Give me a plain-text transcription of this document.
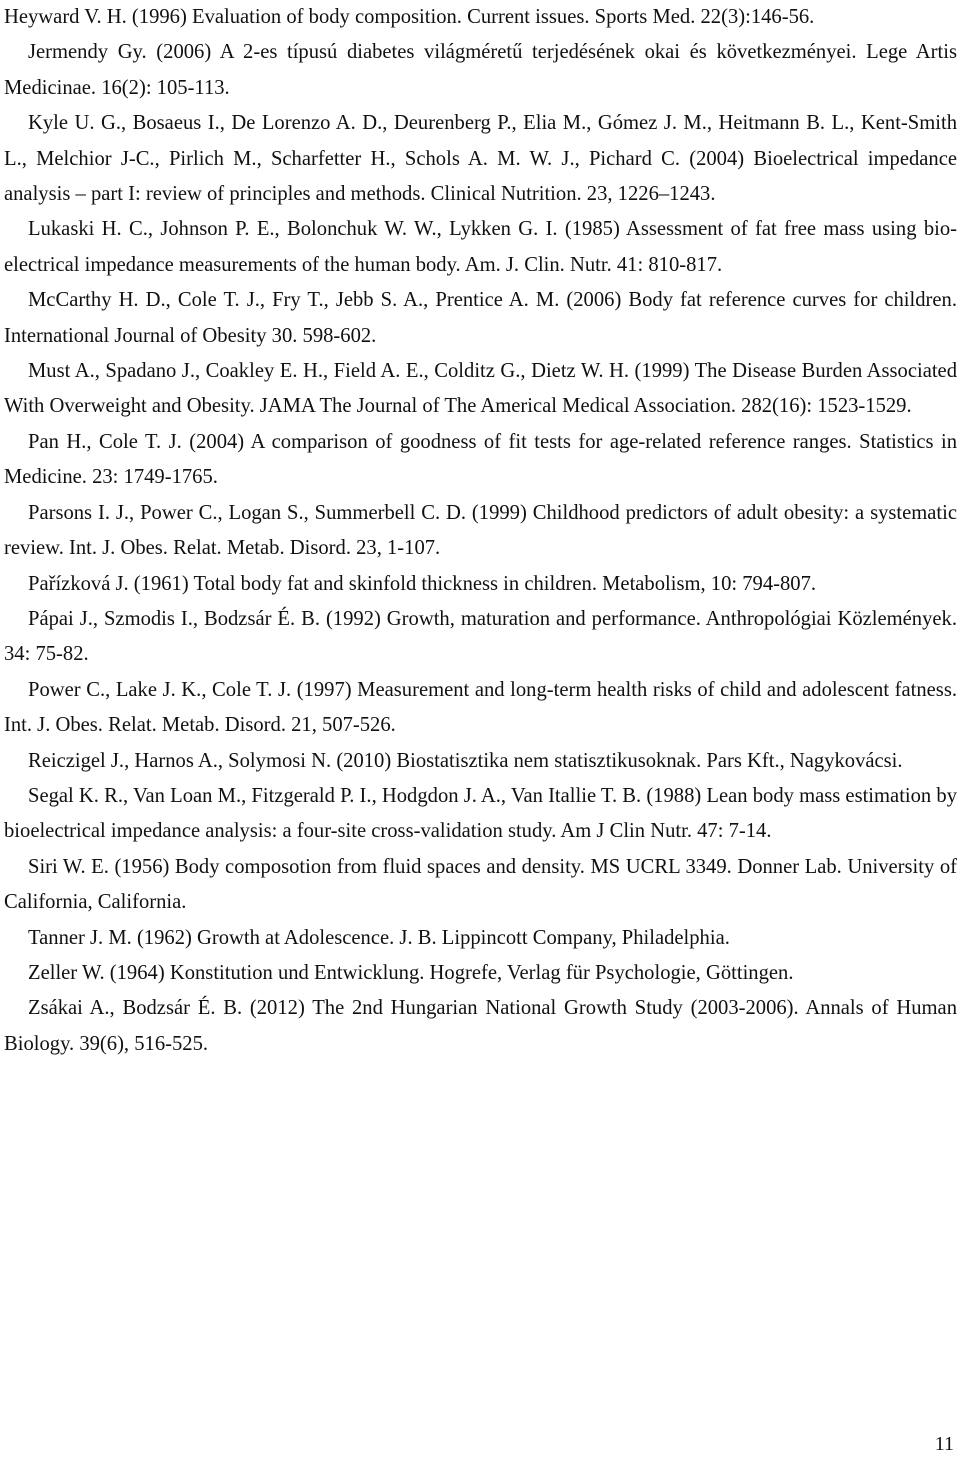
Heyward V. H. (1996) Evaluation of body composition. Current issues. Sports Med. 22(3):146-56.

Jermendy Gy. (2006) A 2-es típusú diabetes világméretű terjedésének okai és következményei. Lege Artis Medicinae. 16(2): 105-113.

Kyle U. G., Bosaeus I., De Lorenzo A. D., Deurenberg P., Elia M., Gómez J. M., Heitmann B. L., Kent-Smith L., Melchior J-C., Pirlich M., Scharfetter H., Schols A. M. W. J., Pichard C. (2004) Bioelectrical impedance analysis – part I: review of principles and methods. Clinical Nutrition. 23, 1226–1243.

Lukaski H. C., Johnson P. E., Bolonchuk W. W., Lykken G. I. (1985) Assessment of fat free mass using bio-electrical impedance measurements of the human body. Am. J. Clin. Nutr. 41: 810-817.

McCarthy H. D., Cole T. J., Fry T., Jebb S. A., Prentice A. M. (2006) Body fat reference curves for children. International Journal of Obesity 30. 598-602.

Must A., Spadano J., Coakley E. H., Field A. E., Colditz G., Dietz W. H. (1999) The Disease Burden Associated With Overweight and Obesity. JAMA The Journal of The Americal Medical Association. 282(16): 1523-1529.

Pan H., Cole T. J. (2004) A comparison of goodness of fit tests for age-related reference ranges. Statistics in Medicine. 23: 1749-1765.

Parsons I. J., Power C., Logan S., Summerbell C. D. (1999) Childhood predictors of adult obesity: a systematic review. Int. J. Obes. Relat. Metab. Disord. 23, 1-107.

Pařízková J. (1961) Total body fat and skinfold thickness in children. Metabolism, 10: 794-807.

Pápai J., Szmodis I., Bodzsár É. B. (1992) Growth, maturation and performance. Anthropológiai Közlemények. 34: 75-82.

Power C., Lake J. K., Cole T. J. (1997) Measurement and long-term health risks of child and adolescent fatness. Int. J. Obes. Relat. Metab. Disord. 21, 507-526.

Reiczigel J., Harnos A., Solymosi N. (2010) Biostatisztika nem statisztikusoknak. Pars Kft., Nagykovácsi.

Segal K. R., Van Loan M., Fitzgerald P. I., Hodgdon J. A., Van Itallie T. B. (1988) Lean body mass estimation by bioelectrical impedance analysis: a four-site cross-validation study. Am J Clin Nutr. 47: 7-14.

Siri W. E. (1956) Body composotion from fluid spaces and density. MS UCRL 3349. Donner Lab. University of California, California.

Tanner J. M. (1962) Growth at Adolescence. J. B. Lippincott Company, Philadelphia.

Zeller W. (1964) Konstitution und Entwicklung. Hogrefe, Verlag für Psychologie, Göttingen.

Zsákai A., Bodzsár É. B. (2012) The 2nd Hungarian National Growth Study (2003-2006). Annals of Human Biology. 39(6), 516-525.

11
